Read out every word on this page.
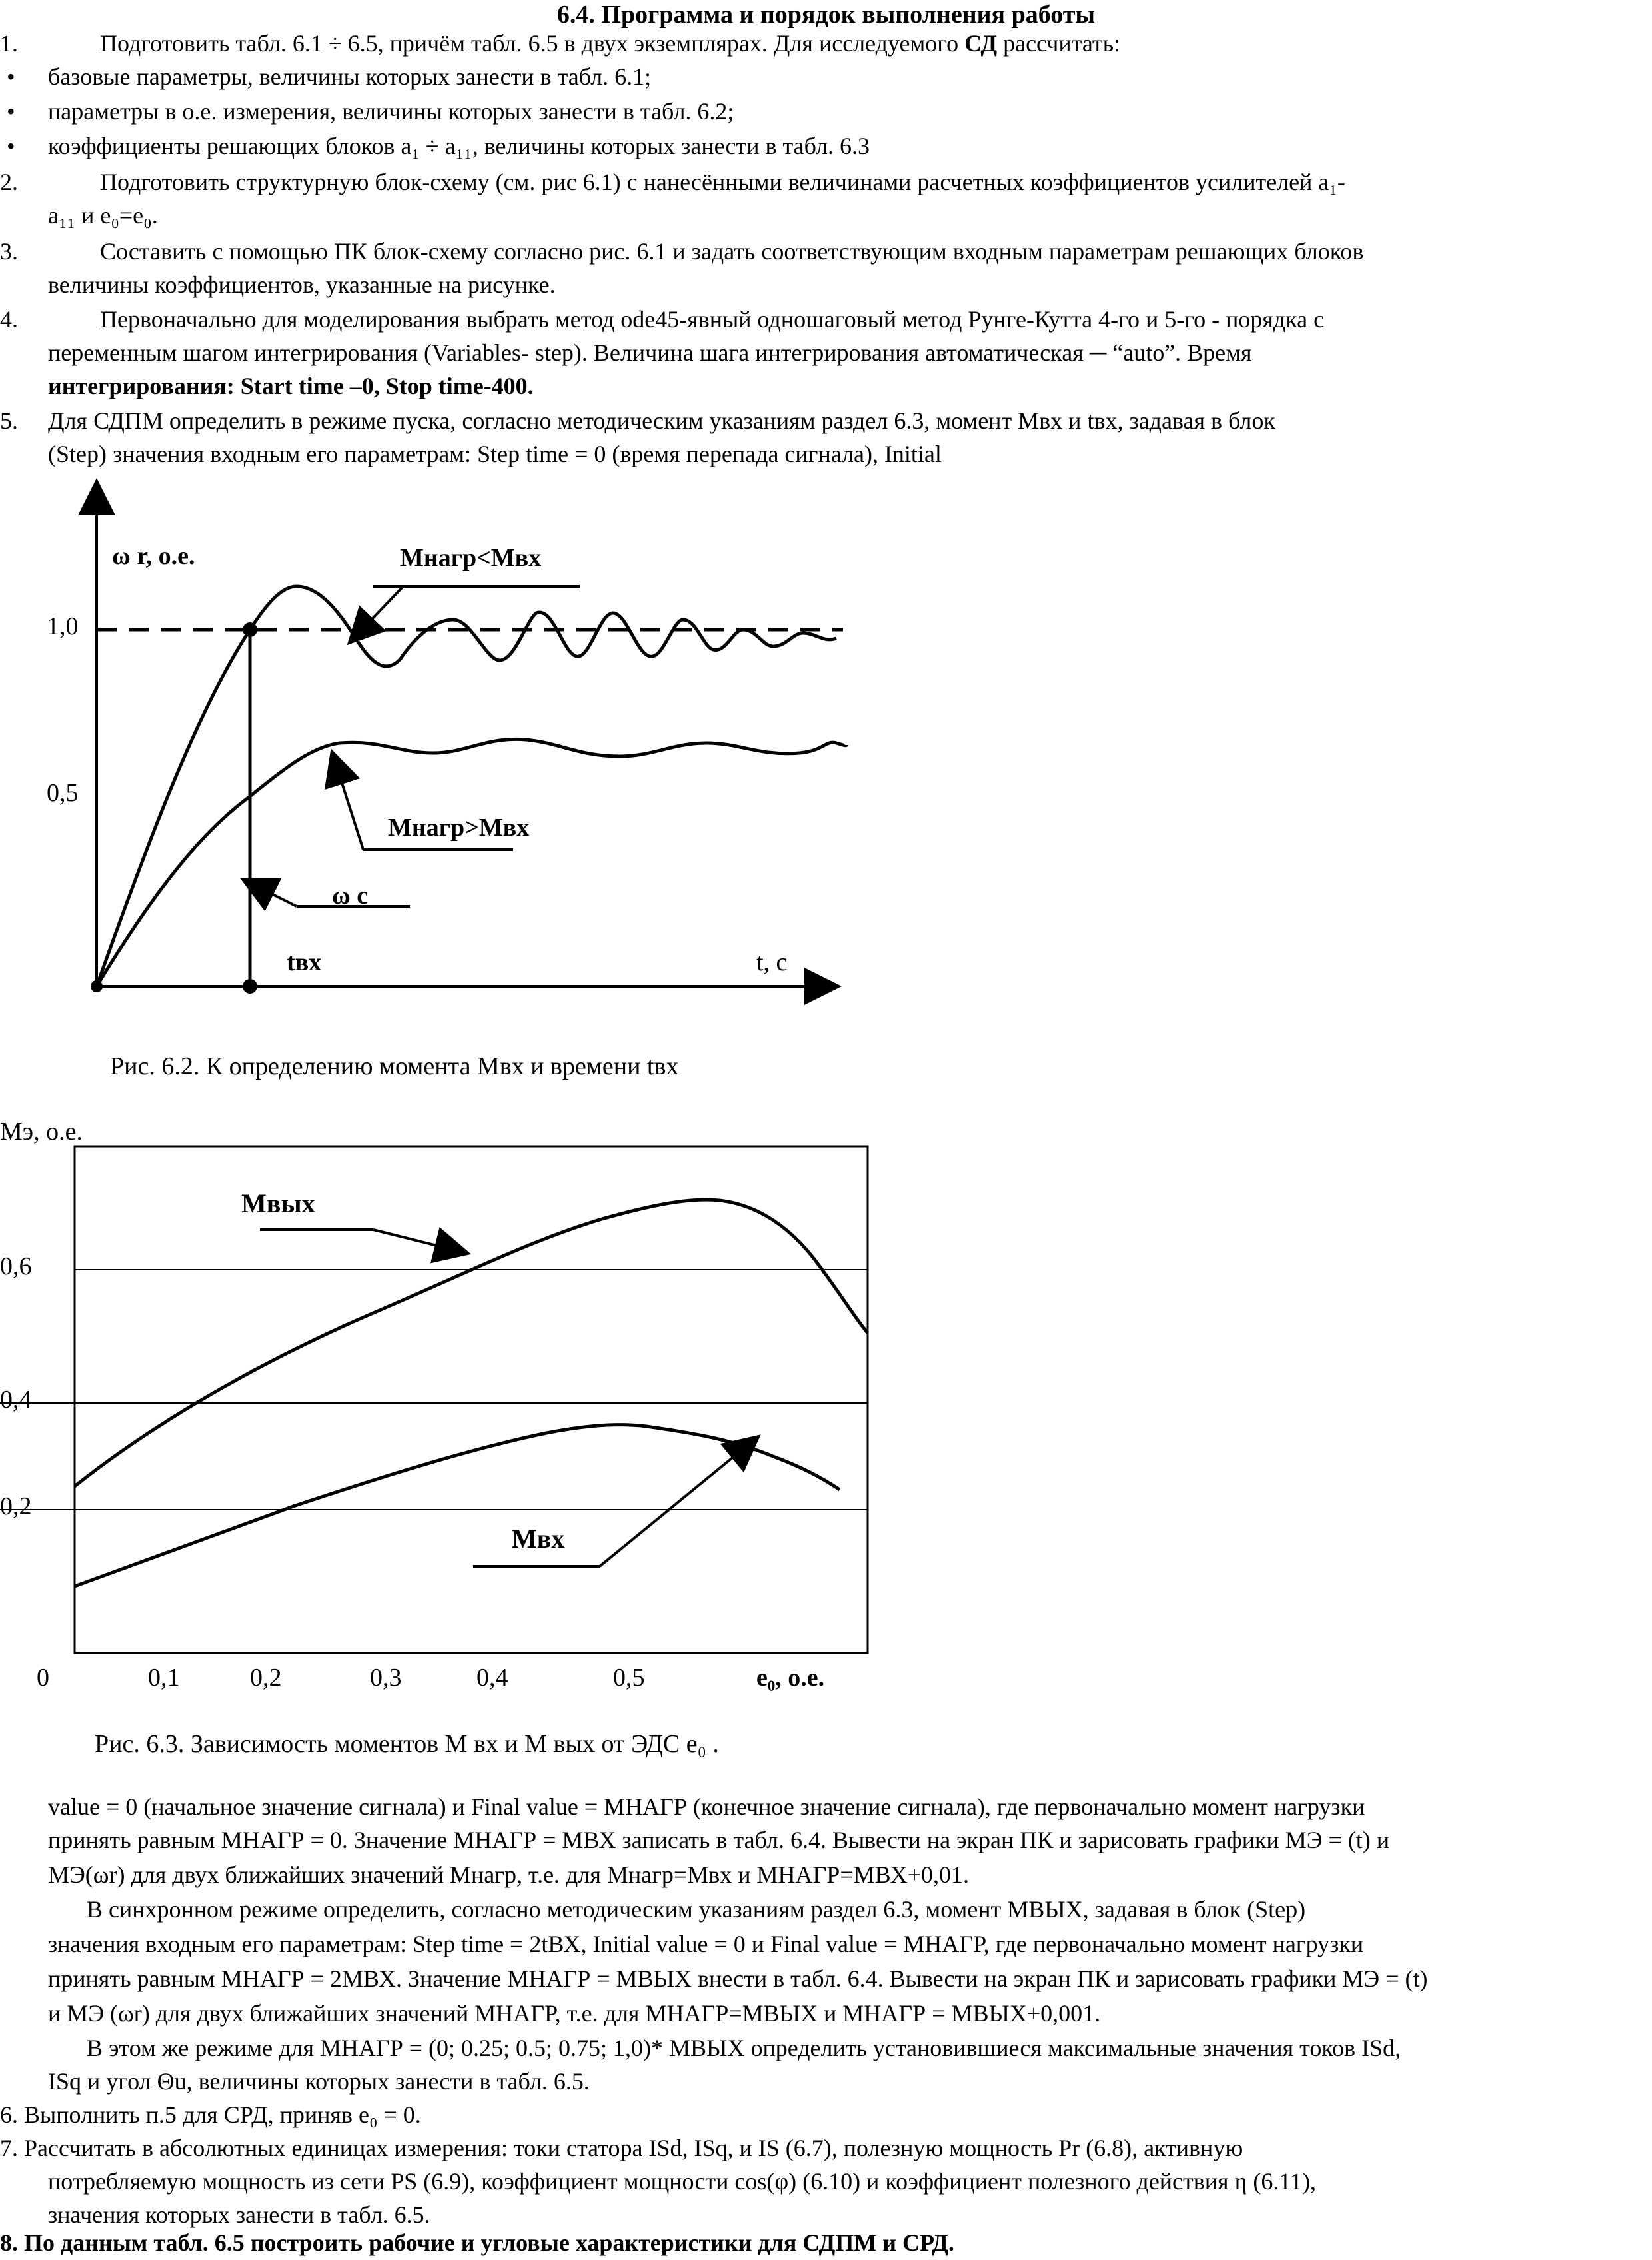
6.4. Программа и порядок выполнения работы
1.	Подготовить табл. 6.1 ÷ 6.5, причём табл. 6.5 в двух экземплярах. Для исследуемого СД рассчитать:
• базовые параметры, величины которых занести в табл. 6.1;
• параметры в о.е. измерения, величины которых занести в табл. 6.2;
• коэффициенты решающих блоков a₁ ÷ a₁₁, величины которых занести в табл. 6.3
2.	Подготовить структурную блок-схему (см. рис 6.1) с нанесёнными величинами расчетных коэффициентов усилителей a₁-
a₁₁ и e₀=e₀.
3.	Составить с помощью ПК блок-схему согласно рис. 6.1 и задать соответствующим входным параметрам решающих блоков
величины коэффициентов, указанные на рисунке.
4.	Первоначально для моделирования выбрать метод ode45-явный одношаговый метод Рунге-Кутта 4-го и 5-го - порядка с
переменным шагом интегрирования (Variables- step). Величина шага интегрирования автоматическая ─ “auto”. Время
интегрирования: Start time –0, Stop time-400.
5. Для СДПМ определить в режиме пуска, согласно методическим указаниям раздел 6.3, момент Mвх и tвх, задавая в блок
(Step) значения входным его параметрам: Step time = 0 (время перепада сигнала), Initial
ω r, о.е.
1,0
0,5
Mнагр<Mвх
Mнагр>Mвх
ω c
tвх	t, c
Рис. 6.2. К определению момента Mвх и времени tвх
Mэ, о.е.
0,6
0,4
0,2
0	0,1	0,2	0,3	0,4	0,5	e₀, о.е.
Mвых
Mвх
Рис. 6.3. Зависимость моментов М вх и М вых от ЭДС e₀ .
value = 0 (начальное значение сигнала) и Final value = MНАГР (конечное значение сигнала), где первоначально момент нагрузки
принять равным MНАГР = 0. Значение MНАГР = MВХ записать в табл. 6.4. Вывести на экран ПК и зарисовать графики MЭ = (t) и
MЭ(ωr) для двух ближайших значений Mнагр, т.е. для Mнагр=Mвх и MНАГР=MВХ+0,01.
В синхронном режиме определить, согласно методическим указаниям раздел 6.3, момент MВЫХ, задавая в блок (Step)
значения входным его параметрам: Step time = 2tВХ, Initial value = 0 и Final value = MНАГР, где первоначально момент нагрузки
принять равным MНАГР = 2MВХ. Значение MНАГР = MВЫХ внести в табл. 6.4. Вывести на экран ПК и зарисовать графики MЭ = (t)
и MЭ (ωr) для двух ближайших значений MНАГР, т.е. для MНАГР=MВЫХ и MНАГР = MВЫХ+0,001.
В этом же режиме для MНАГР = (0; 0.25; 0.5; 0.75; 1,0)* MВЫХ определить установившиеся максимальные значения токов ISd,
ISq и угол Θu, величины которых занести в табл. 6.5.
6. Выполнить п.5 для СРД, приняв e₀ = 0.
7. Рассчитать в абсолютных единицах измерения: токи статора ISd, ISq, и IS (6.7), полезную мощность Pr (6.8), активную
потребляемую мощность из сети PS (6.9), коэффициент мощности cos(φ) (6.10) и коэффициент полезного действия η (6.11),
значения которых занести в табл. 6.5.
8. По данным табл. 6.5 построить рабочие и угловые характеристики для СДПМ и СРД.
